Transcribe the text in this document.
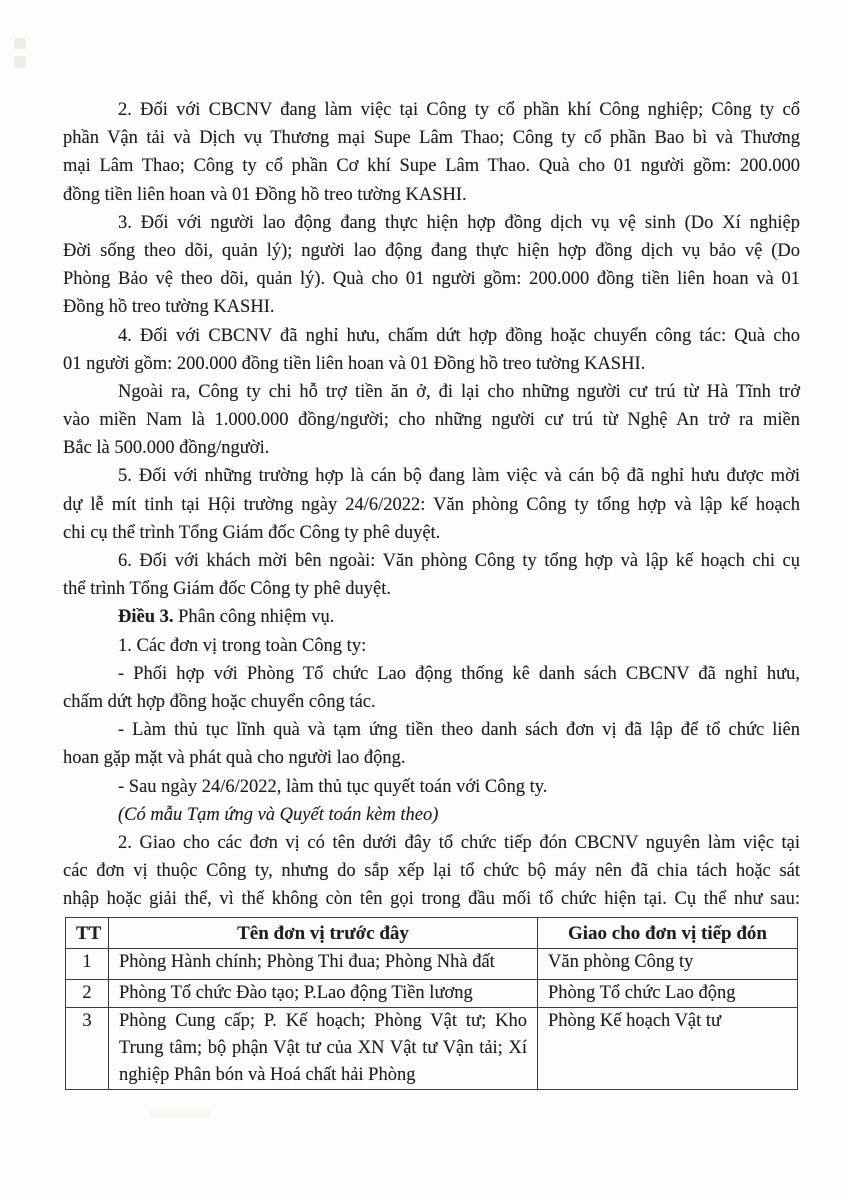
2. Đối với CBCNV đang làm việc tại Công ty cổ phần khí Công nghiệp; Công ty cổ
phần Vận tải và Dịch vụ Thương mại Supe Lâm Thao; Công ty cổ phần Bao bì và Thương
mại Lâm Thao; Công ty cổ phần Cơ khí Supe Lâm Thao. Quà cho 01 người gồm: 200.000
đồng tiền liên hoan và 01 Đồng hồ treo tường KASHI.
3. Đối với người lao động đang thực hiện hợp đồng dịch vụ vệ sinh (Do Xí nghiệp
Đời sống theo dõi, quản lý); người lao động đang thực hiện hợp đồng dịch vụ bảo vệ (Do
Phòng Bảo vệ theo dõi, quản lý). Quà cho 01 người gồm: 200.000 đồng tiền liên hoan và 01
Đồng hồ treo tường KASHI.
4. Đối với CBCNV đã nghỉ hưu, chấm dứt hợp đồng hoặc chuyển công tác: Quà cho
01 người gồm: 200.000 đồng tiền liên hoan và 01 Đồng hồ treo tường KASHI.
Ngoài ra, Công ty chi hỗ trợ tiền ăn ở, đi lại cho những người cư trú từ Hà Tĩnh trở
vào miền Nam là 1.000.000 đồng/người; cho những người cư trú từ Nghệ An trở ra miền
Bắc là 500.000 đồng/người.
5. Đối với những trường hợp là cán bộ đang làm việc và cán bộ đã nghỉ hưu được mời
dự lễ mít tinh tại Hội trường ngày 24/6/2022: Văn phòng Công ty tổng hợp và lập kế hoạch
chi cụ thể trình Tổng Giám đốc Công ty phê duyệt.
6. Đối với khách mời bên ngoài: Văn phòng Công ty tổng hợp và lập kế hoạch chi cụ
thể trình Tổng Giám đốc Công ty phê duyệt.
Điều 3. Phân công nhiệm vụ.
1. Các đơn vị trong toàn Công ty:
- Phối hợp với Phòng Tổ chức Lao động thống kê danh sách CBCNV đã nghỉ hưu,
chấm dứt hợp đồng hoặc chuyển công tác.
- Làm thủ tục lĩnh quà và tạm ứng tiền theo danh sách đơn vị đã lập để tổ chức liên
hoan gặp mặt và phát quà cho người lao động.
- Sau ngày 24/6/2022, làm thủ tục quyết toán với Công ty.
(Có mẫu Tạm ứng và Quyết toán kèm theo)
2. Giao cho các đơn vị có tên dưới đây tổ chức tiếp đón CBCNV nguyên làm việc tại
các đơn vị thuộc Công ty, nhưng do sắp xếp lại tổ chức bộ máy nên đã chia tách hoặc sát
nhập hoặc giải thể, vì thế không còn tên gọi trong đầu mối tổ chức hiện tại. Cụ thể như sau:
TT	Tên đơn vị trước đây	Giao cho đơn vị tiếp đón
1	Phòng Hành chính; Phòng Thi đua; Phòng Nhà đất	Văn phòng Công ty
2	Phòng Tổ chức Đào tạo; P.Lao động Tiền lương	Phòng Tổ chức Lao động
3	Phòng Cung cấp; P. Kế hoạch; Phòng Vật tư; Kho Trung tâm; bộ phận Vật tư của XN Vật tư Vận tải; Xí nghiệp Phân bón và Hoá chất hải Phòng	Phòng Kế hoạch Vật tư
